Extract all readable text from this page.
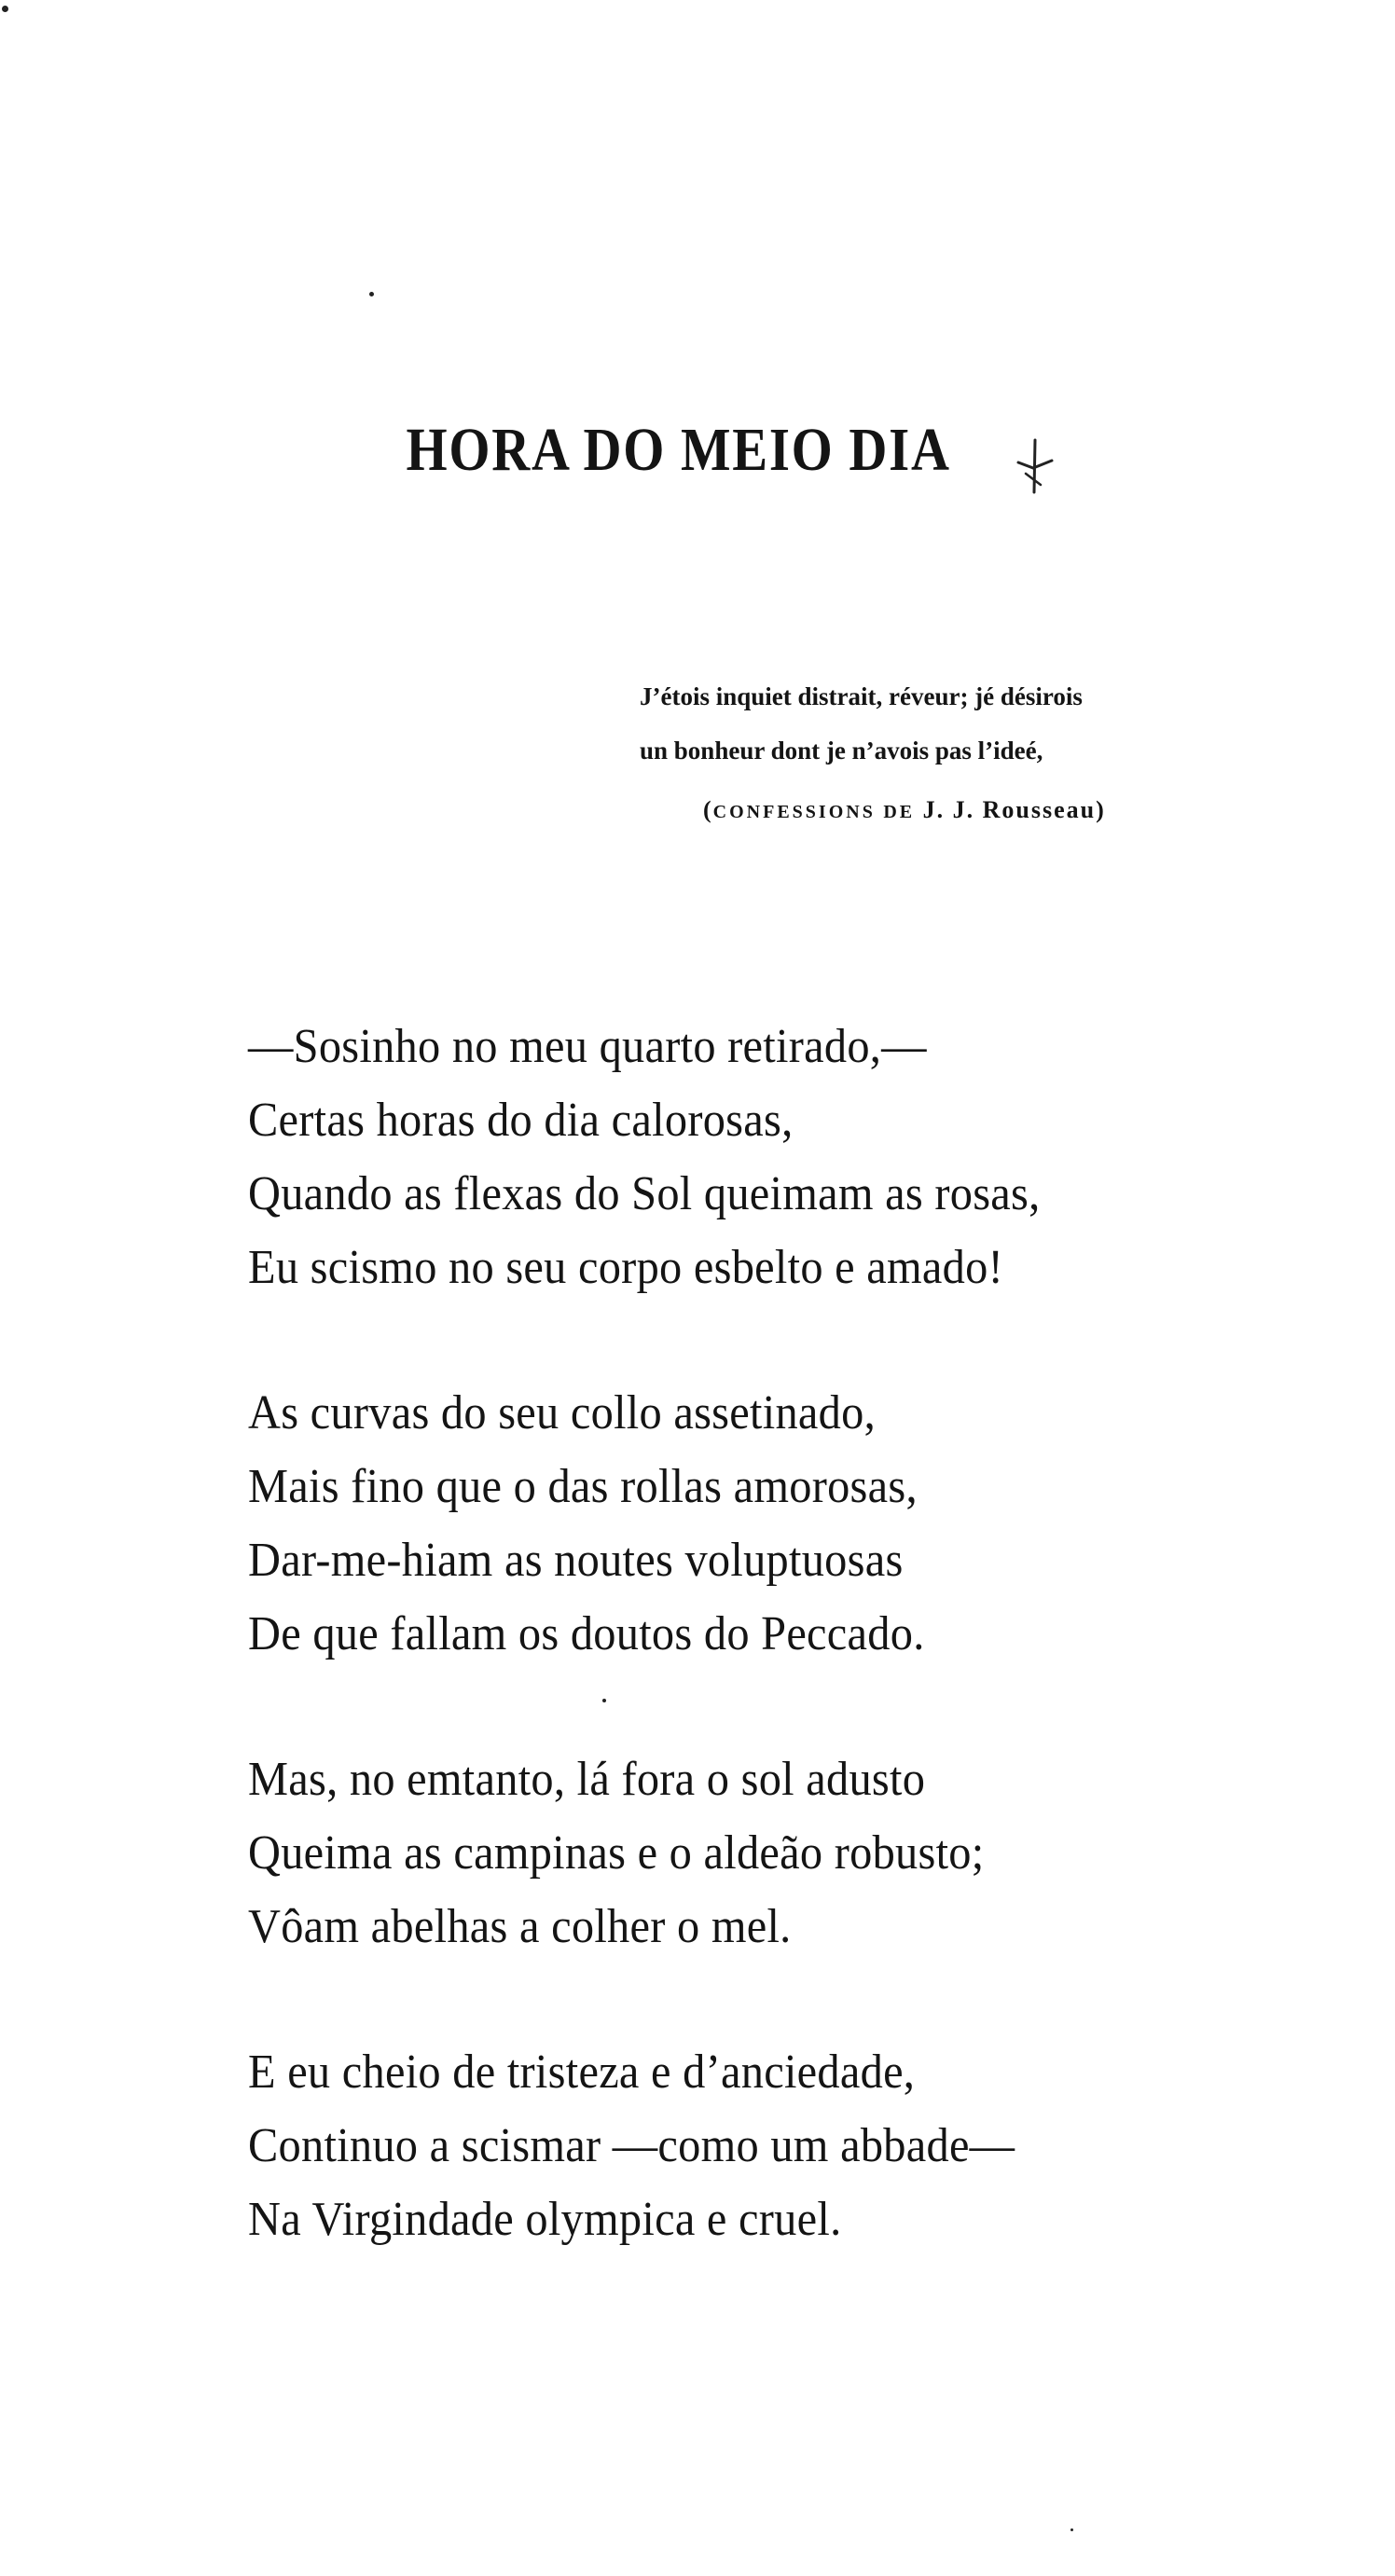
HORA DO MEIO DIA
J’étois inquiet distrait, réveur; jé désirois
un bonheur dont je n’avois pas l’ideé,
(CONFESSIONS DE J. J. Rousseau)
—Sosinho no meu quarto retirado,—
Certas horas do dia calorosas,
Quando as flexas do Sol queimam as rosas,
Eu scismo no seu corpo esbelto e amado!
As curvas do seu collo assetinado,
Mais fino que o das rollas amorosas,
Dar-me-hiam as noutes voluptuosas
De que fallam os doutos do Peccado.
Mas, no emtanto, lá fora o sol adusto
Queima as campinas e o aldeão robusto;
Vôam abelhas a colher o mel.
E eu cheio de tristeza e d’anciedade,
Continuo a scismar —como um abbade—
Na Virgindade olympica e cruel.
